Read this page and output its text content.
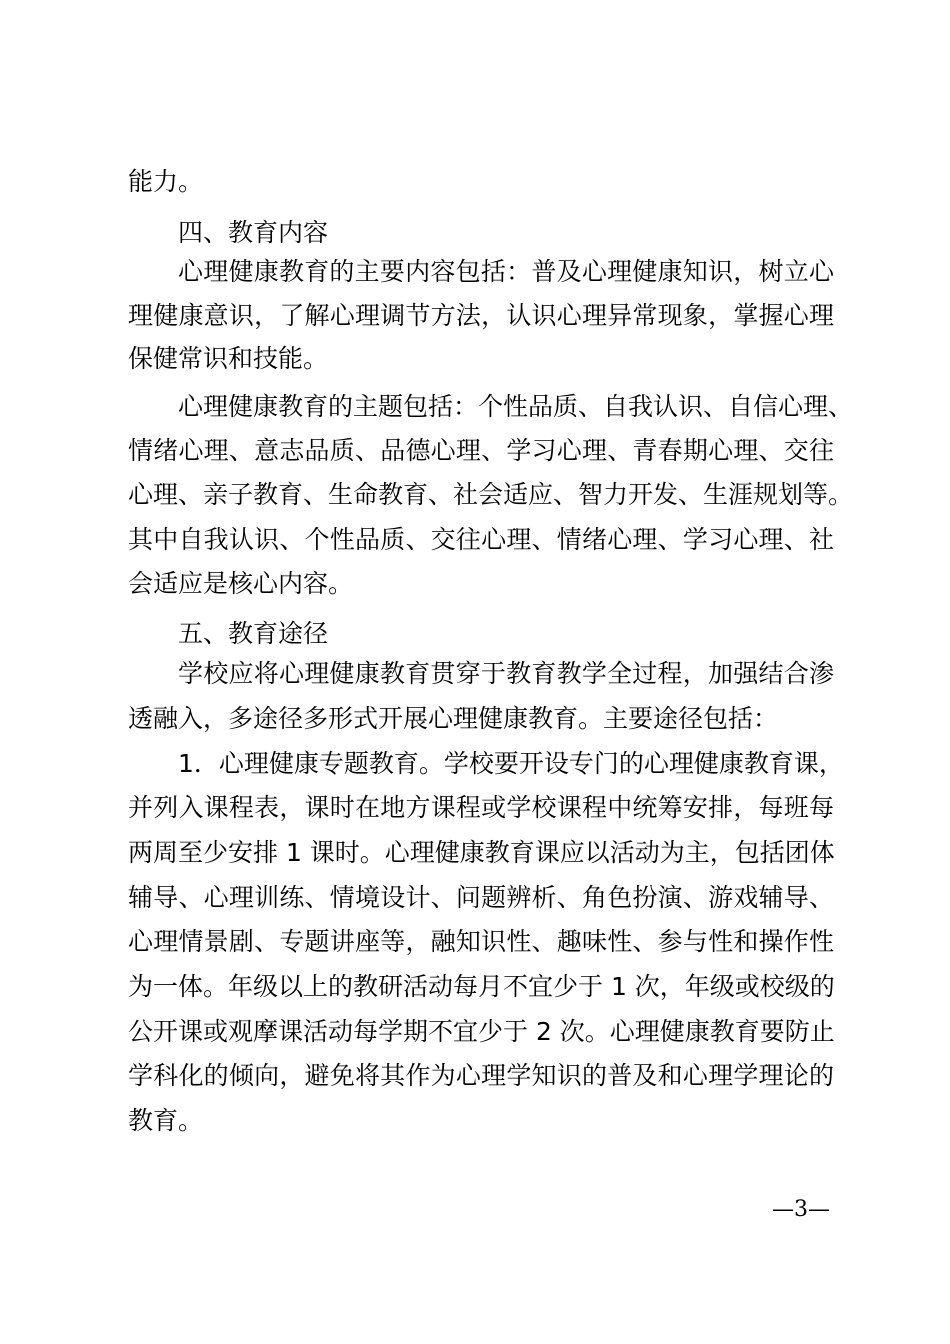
能力。
四、教育内容
心理健康教育的主要内容包括：普及心理健康知识，树立心
理健康意识，了解心理调节方法，认识心理异常现象，掌握心理
保健常识和技能。
心理健康教育的主题包括：个性品质、自我认识、自信心理、
情绪心理、意志品质、品德心理、学习心理、青春期心理、交往
心理、亲子教育、生命教育、社会适应、智力开发、生涯规划等。
其中自我认识、个性品质、交往心理、情绪心理、学习心理、社
会适应是核心内容。
五、教育途径
学校应将心理健康教育贯穿于教育教学全过程，加强结合渗
透融入，多途径多形式开展心理健康教育。主要途径包括：
1．心理健康专题教育。学校要开设专门的心理健康教育课，
并列入课程表，课时在地方课程或学校课程中统筹安排，每班每
两周至少安排 1 课时。心理健康教育课应以活动为主，包括团体
辅导、心理训练、情境设计、问题辨析、角色扮演、游戏辅导、
心理情景剧、专题讲座等，融知识性、趣味性、参与性和操作性
为一体。年级以上的教研活动每月不宜少于 1 次，年级或校级的
公开课或观摩课活动每学期不宜少于 2 次。心理健康教育要防止
学科化的倾向，避免将其作为心理学知识的普及和心理学理论的
教育。
—3—
